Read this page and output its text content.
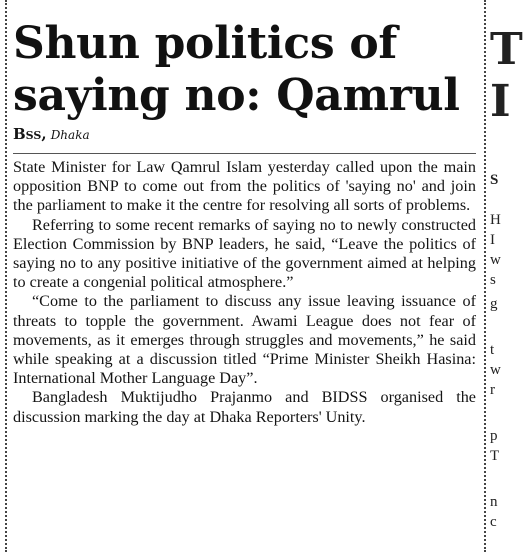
Shun politics of saying no: Qamrul
Bss, Dhaka

State Minister for Law Qamrul Islam yesterday called upon the main opposition BNP to come out from the politics of 'saying no' and join the parliament to make it the centre for resolving all sorts of problems.

Referring to some recent remarks of saying no to newly constructed Election Commission by BNP leaders, he said, “Leave the politics of saying no to any positive initiative of the government aimed at helping to create a congenial political atmosphere.”

“Come to the parliament to discuss any issue leaving issuance of threats to topple the government. Awami League does not fear of movements, as it emerges through struggles and movements,” he said while speaking at a discussion titled “Prime Minister Sheikh Hasina: International Mother Language Day”.

Bangladesh Muktijudho Prajanmo and BIDSS organised the discussion marking the day at Dhaka Reporters' Unity.

T
I
S
H
I
w
s
g
t
w
r
p
T
n
c
